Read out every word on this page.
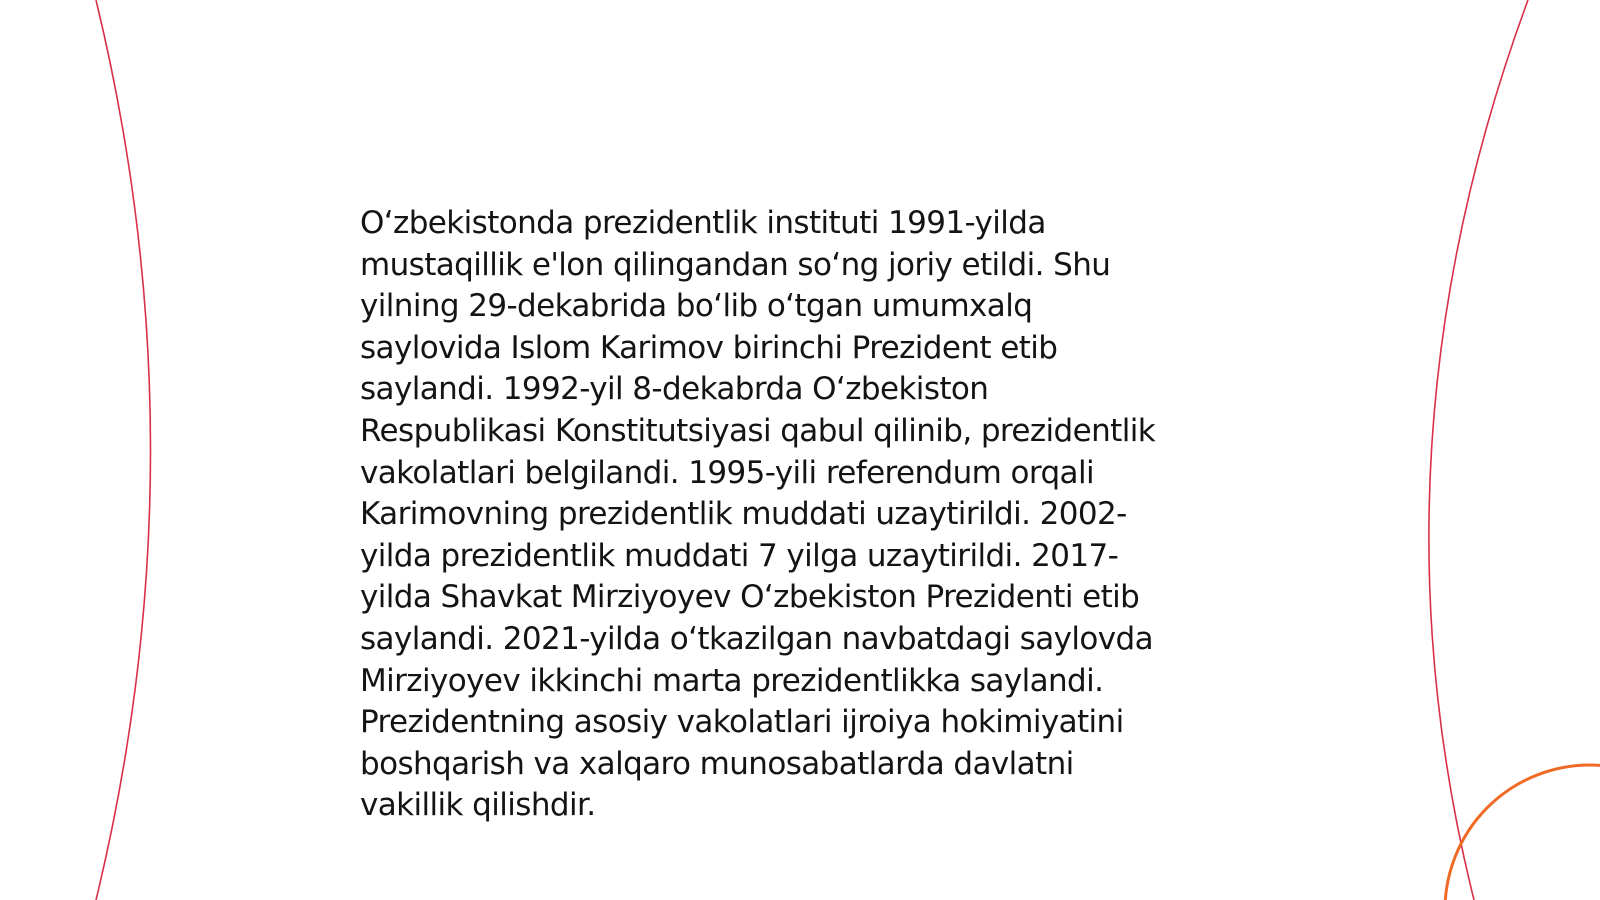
O‘zbekistonda prezidentlik instituti 1991-yilda
mustaqillik e'lon qilingandan so‘ng joriy etildi. Shu
yilning 29-dekabrida bo‘lib o‘tgan umumxalq
saylovida Islom Karimov birinchi Prezident etib
saylandi. 1992-yil 8-dekabrda O‘zbekiston
Respublikasi Konstitutsiyasi qabul qilinib, prezidentlik
vakolatlari belgilandi. 1995-yili referendum orqali
Karimovning prezidentlik muddati uzaytirildi. 2002-
yilda prezidentlik muddati 7 yilga uzaytirildi. 2017-
yilda Shavkat Mirziyoyev O‘zbekiston Prezidenti etib
saylandi. 2021-yilda o‘tkazilgan navbatdagi saylovda
Mirziyoyev ikkinchi marta prezidentlikka saylandi.
Prezidentning asosiy vakolatlari ijroiya hokimiyatini
boshqarish va xalqaro munosabatlarda davlatni
vakillik qilishdir.
